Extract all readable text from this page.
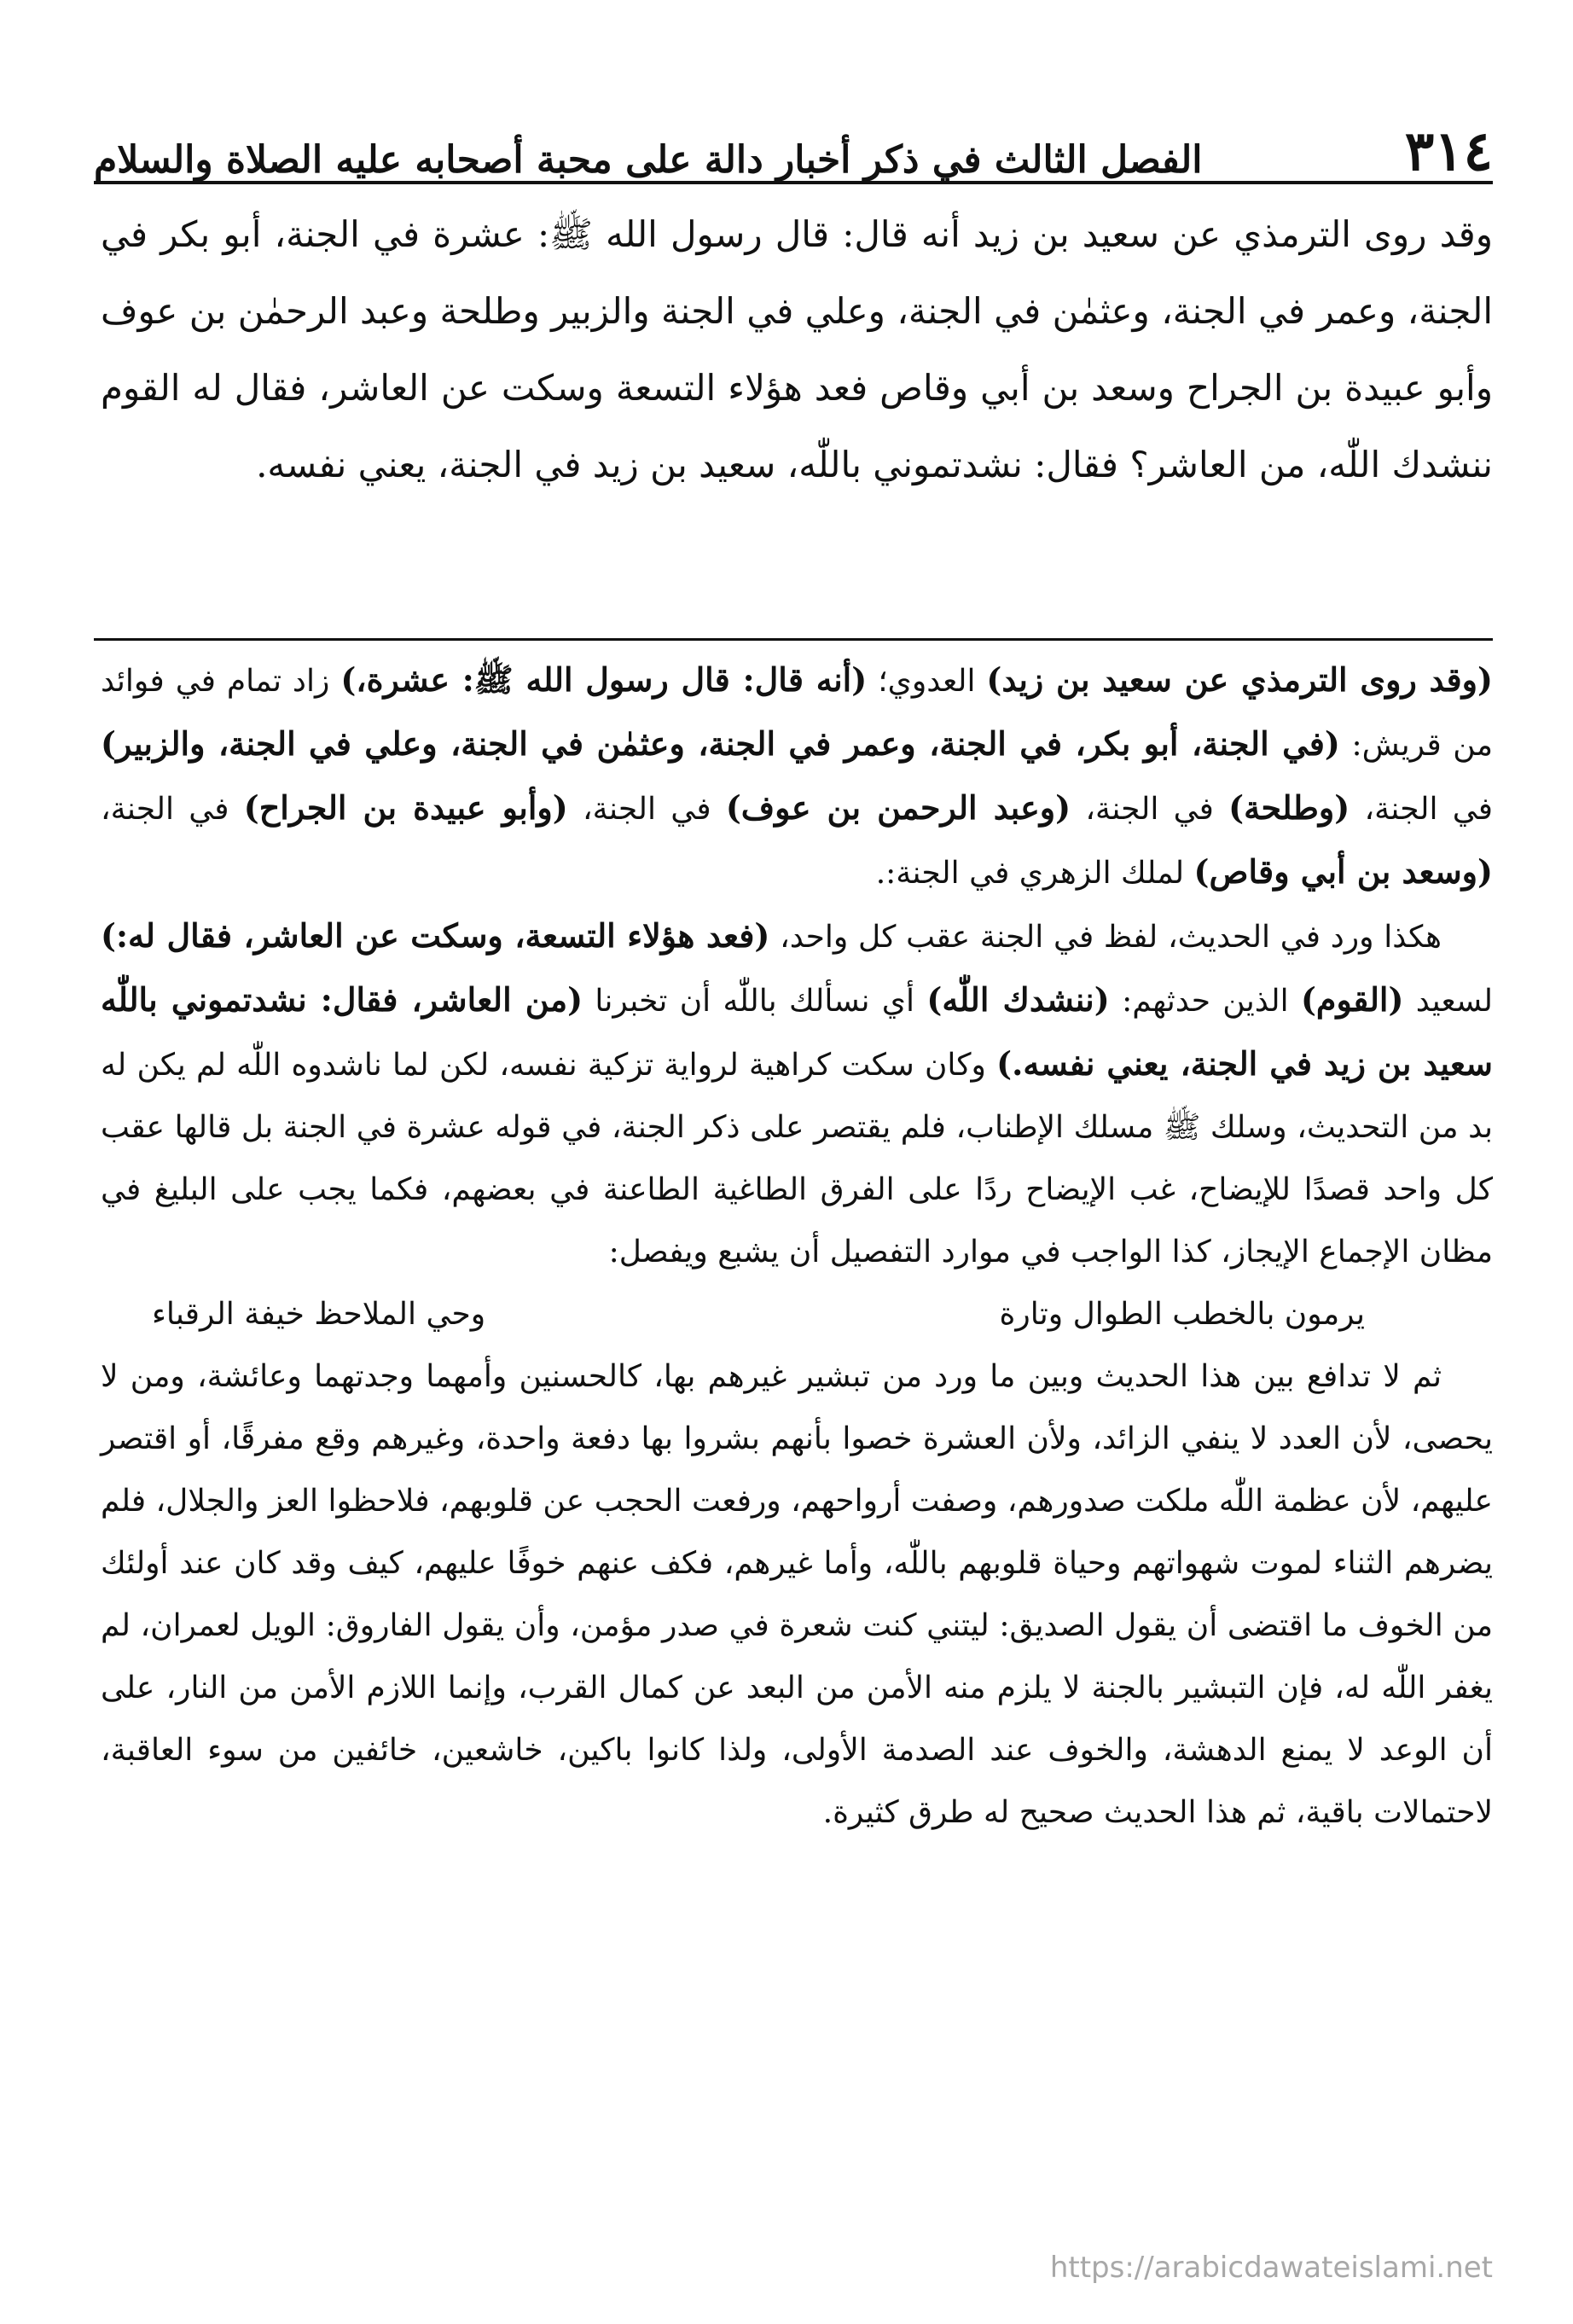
٣١٤
الفصل الثالث في ذكر أخبار دالة على محبة أصحابه عليه الصلاة والسلام
وقد روى الترمذي عن سعيد بن زيد أنه قال: قال رسول الله ﷺ: عشرة في الجنة، أبو بكر في الجنة، وعمر في الجنة، وعثمٰن في الجنة، وعلي في الجنة والزبير وطلحة وعبد الرحمٰن بن عوف وأبو عبيدة بن الجراح وسعد بن أبي وقاص فعد هؤلاء التسعة وسكت عن العاشر، فقال له القوم ننشدك اللّٰه، من العاشر؟ فقال: نشدتموني باللّٰه، سعيد بن زيد في الجنة، يعني نفسه.

(وقد روى الترمذي عن سعيد بن زيد) العدوي؛ (أنه قال: قال رسول الله ﷺ: عشرة،) زاد تمام في فوائد من قريش: (في الجنة، أبو بكر، في الجنة، وعمر في الجنة، وعثمٰن في الجنة، وعلي في الجنة، والزبير) في الجنة، (وطلحة) في الجنة، (وعبد الرحمن بن عوف) في الجنة، (وأبو عبيدة بن الجراح) في الجنة، (وسعد بن أبي وقاص) لملك الزهري في الجنة:.

هكذا ورد في الحديث، لفظ في الجنة عقب كل واحد، (فعد هؤلاء التسعة، وسكت عن العاشر، فقال له:) لسعيد (القوم) الذين حدثهم: (ننشدك اللّٰه) أي نسألك باللّٰه أن تخبرنا (من العاشر، فقال: نشدتموني باللّٰه سعيد بن زيد في الجنة، يعني نفسه.) وكان سكت كراهية لرواية تزكية نفسه، لكن لما ناشدوه اللّٰه لم يكن له بد من التحديث، وسلك ﷺ مسلك الإطناب، فلم يقتصر على ذكر الجنة، في قوله عشرة في الجنة بل قالها عقب كل واحد قصدًا للإيضاح، غب الإيضاح ردًا على الفرق الطاغية الطاعنة في بعضهم، فكما يجب على البليغ في مظان الإجماع الإيجاز، كذا الواجب في موارد التفصيل أن يشبع ويفصل:

يرمون بالخطب الطوال وتارة
وحي الملاحظ خيفة الرقباء

ثم لا تدافع بين هذا الحديث وبين ما ورد من تبشير غيرهم بها، كالحسنين وأمهما وجدتهما وعائشة، ومن لا يحصى، لأن العدد لا ينفي الزائد، ولأن العشرة خصوا بأنهم بشروا بها دفعة واحدة، وغيرهم وقع مفرقًا، أو اقتصر عليهم، لأن عظمة اللّٰه ملكت صدورهم، وصفت أرواحهم، ورفعت الحجب عن قلوبهم، فلاحظوا العز والجلال، فلم يضرهم الثناء لموت شهواتهم وحياة قلوبهم باللّٰه، وأما غيرهم، فكف عنهم خوفًا عليهم، كيف وقد كان عند أولئك من الخوف ما اقتضى أن يقول الصديق: ليتني كنت شعرة في صدر مؤمن، وأن يقول الفاروق: الويل لعمران، لم يغفر اللّٰه له، فإن التبشير بالجنة لا يلزم منه الأمن من البعد عن كمال القرب، وإنما اللازم الأمن من النار، على أن الوعد لا يمنع الدهشة، والخوف عند الصدمة الأولى، ولذا كانوا باكين، خاشعين، خائفين من سوء العاقبة، لاحتمالات باقية، ثم هذا الحديث صحيح له طرق كثيرة.

https://arabicdawateislami.net
